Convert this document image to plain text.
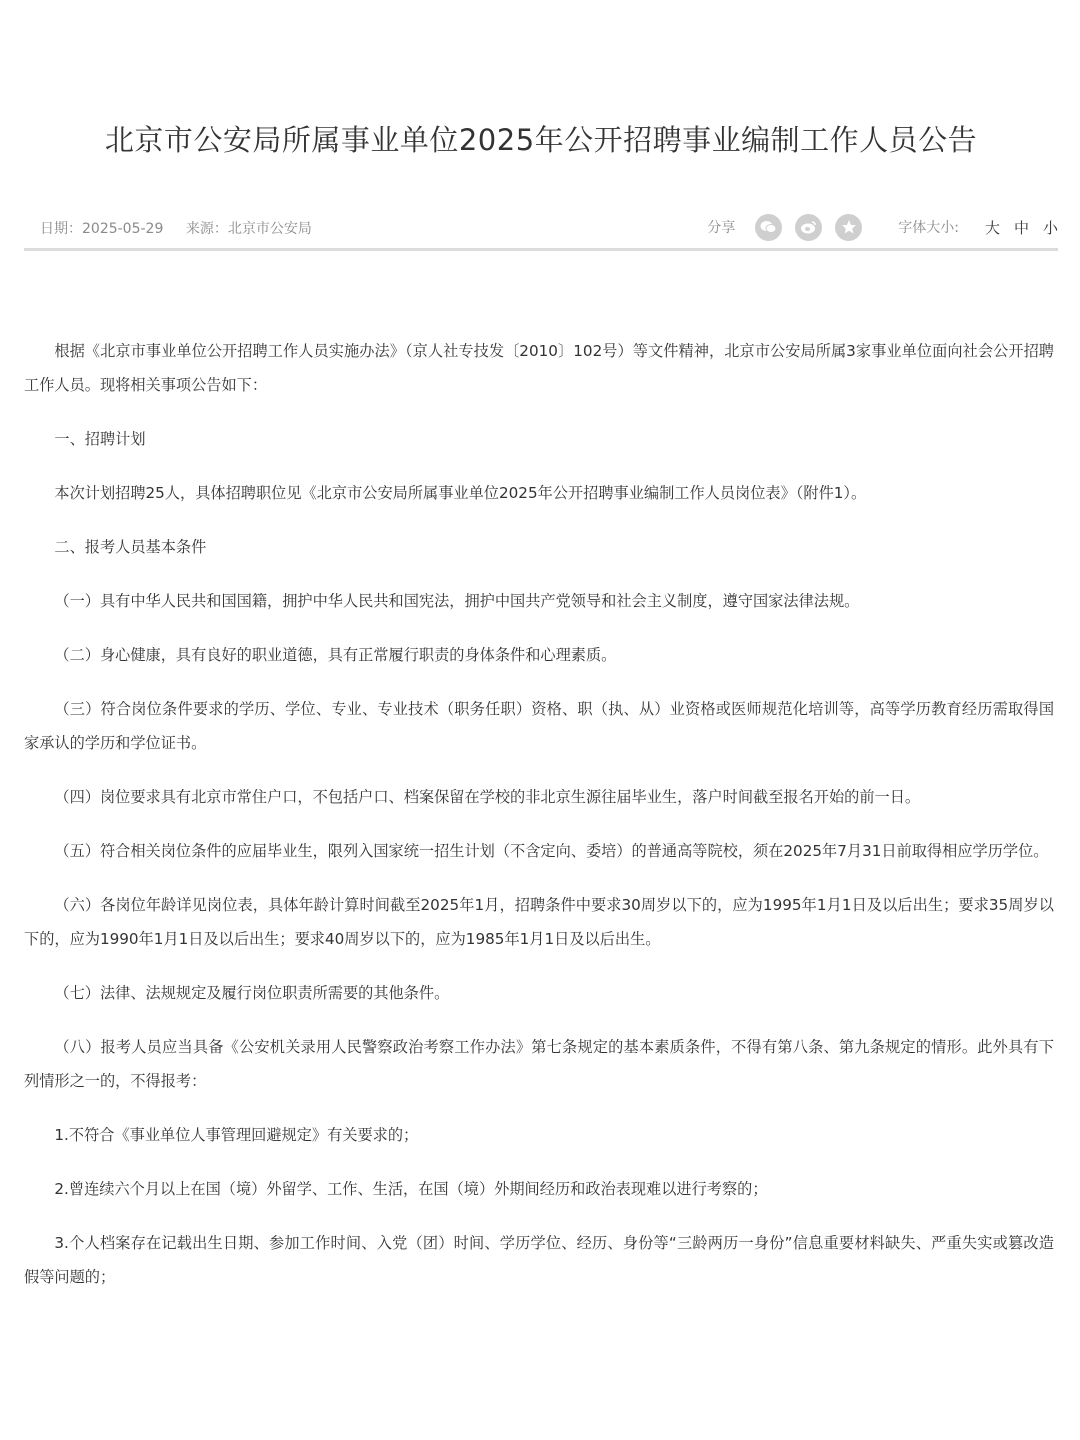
北京市公安局所属事业单位2025年公开招聘事业编制工作人员公告
日期：2025-05-29 来源：北京市公安局	分享	字体大小: 大 中 小

根据《北京市事业单位公开招聘工作人员实施办法》（京人社专技发〔2010〕102号）等文件精神，北京市公安局所属3家事业单位面向社会公开招聘工作人员。现将相关事项公告如下：

一、招聘计划

本次计划招聘25人，具体招聘职位见《北京市公安局所属事业单位2025年公开招聘事业编制工作人员岗位表》（附件1）。

二、报考人员基本条件

（一）具有中华人民共和国国籍，拥护中华人民共和国宪法，拥护中国共产党领导和社会主义制度，遵守国家法律法规。

（二）身心健康，具有良好的职业道德，具有正常履行职责的身体条件和心理素质。

（三）符合岗位条件要求的学历、学位、专业、专业技术（职务任职）资格、职（执、从）业资格或医师规范化培训等，高等学历教育经历需取得国家承认的学历和学位证书。

（四）岗位要求具有北京市常住户口，不包括户口、档案保留在学校的非北京生源往届毕业生，落户时间截至报名开始的前一日。

（五）符合相关岗位条件的应届毕业生，限列入国家统一招生计划（不含定向、委培）的普通高等院校，须在2025年7月31日前取得相应学历学位。

（六）各岗位年龄详见岗位表，具体年龄计算时间截至2025年1月，招聘条件中要求30周岁以下的，应为1995年1月1日及以后出生；要求35周岁以下的，应为1990年1月1日及以后出生；要求40周岁以下的，应为1985年1月1日及以后出生。

（七）法律、法规规定及履行岗位职责所需要的其他条件。

（八）报考人员应当具备《公安机关录用人民警察政治考察工作办法》第七条规定的基本素质条件，不得有第八条、第九条规定的情形。此外具有下列情形之一的，不得报考：

1.不符合《事业单位人事管理回避规定》有关要求的；

2.曾连续六个月以上在国（境）外留学、工作、生活，在国（境）外期间经历和政治表现难以进行考察的；

3.个人档案存在记载出生日期、参加工作时间、入党（团）时间、学历学位、经历、身份等“三龄两历一身份”信息重要材料缺失、严重失实或篡改造假等问题的；
